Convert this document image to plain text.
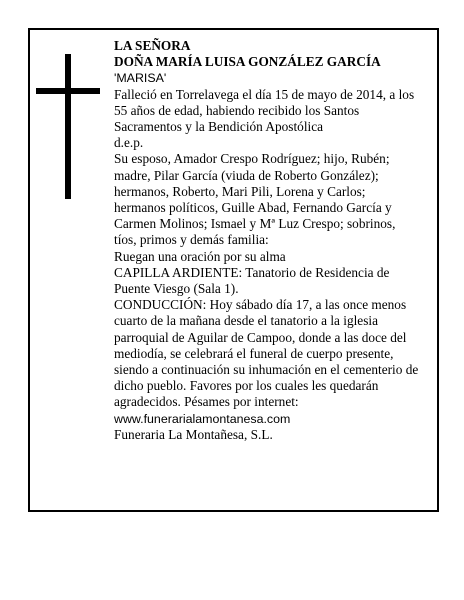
LA SEÑORA

DOÑA MARÍA LUISA GONZÁLEZ GARCÍA

'MARISA'

Falleció en Torrelavega el día 15 de mayo de 2014, a los 55 años de edad, habiendo recibido los Santos Sacramentos y la Bendición Apostólica

d.e.p.

Su esposo, Amador Crespo Rodríguez; hijo, Rubén; madre, Pilar García (viuda de Roberto González); hermanos, Roberto, Mari Pili, Lorena y Carlos; hermanos políticos, Guille Abad, Fernando García y Carmen Molinos; Ismael y Mª Luz Crespo; sobrinos, tíos, primos y demás familia:

Ruegan una oración por su alma

CAPILLA ARDIENTE: Tanatorio de Residencia de Puente Viesgo (Sala 1).

CONDUCCIÓN: Hoy sábado día 17, a las once menos cuarto de la mañana desde el tanatorio a la iglesia parroquial de Aguilar de Campoo, donde a las doce del mediodía, se celebrará el funeral de cuerpo presente, siendo a continuación su inhumación en el cementerio de dicho pueblo. Favores por los cuales les quedarán agradecidos. Pésames por internet:

www.funerarialamontanesa.com

Funeraria La Montañesa, S.L.
